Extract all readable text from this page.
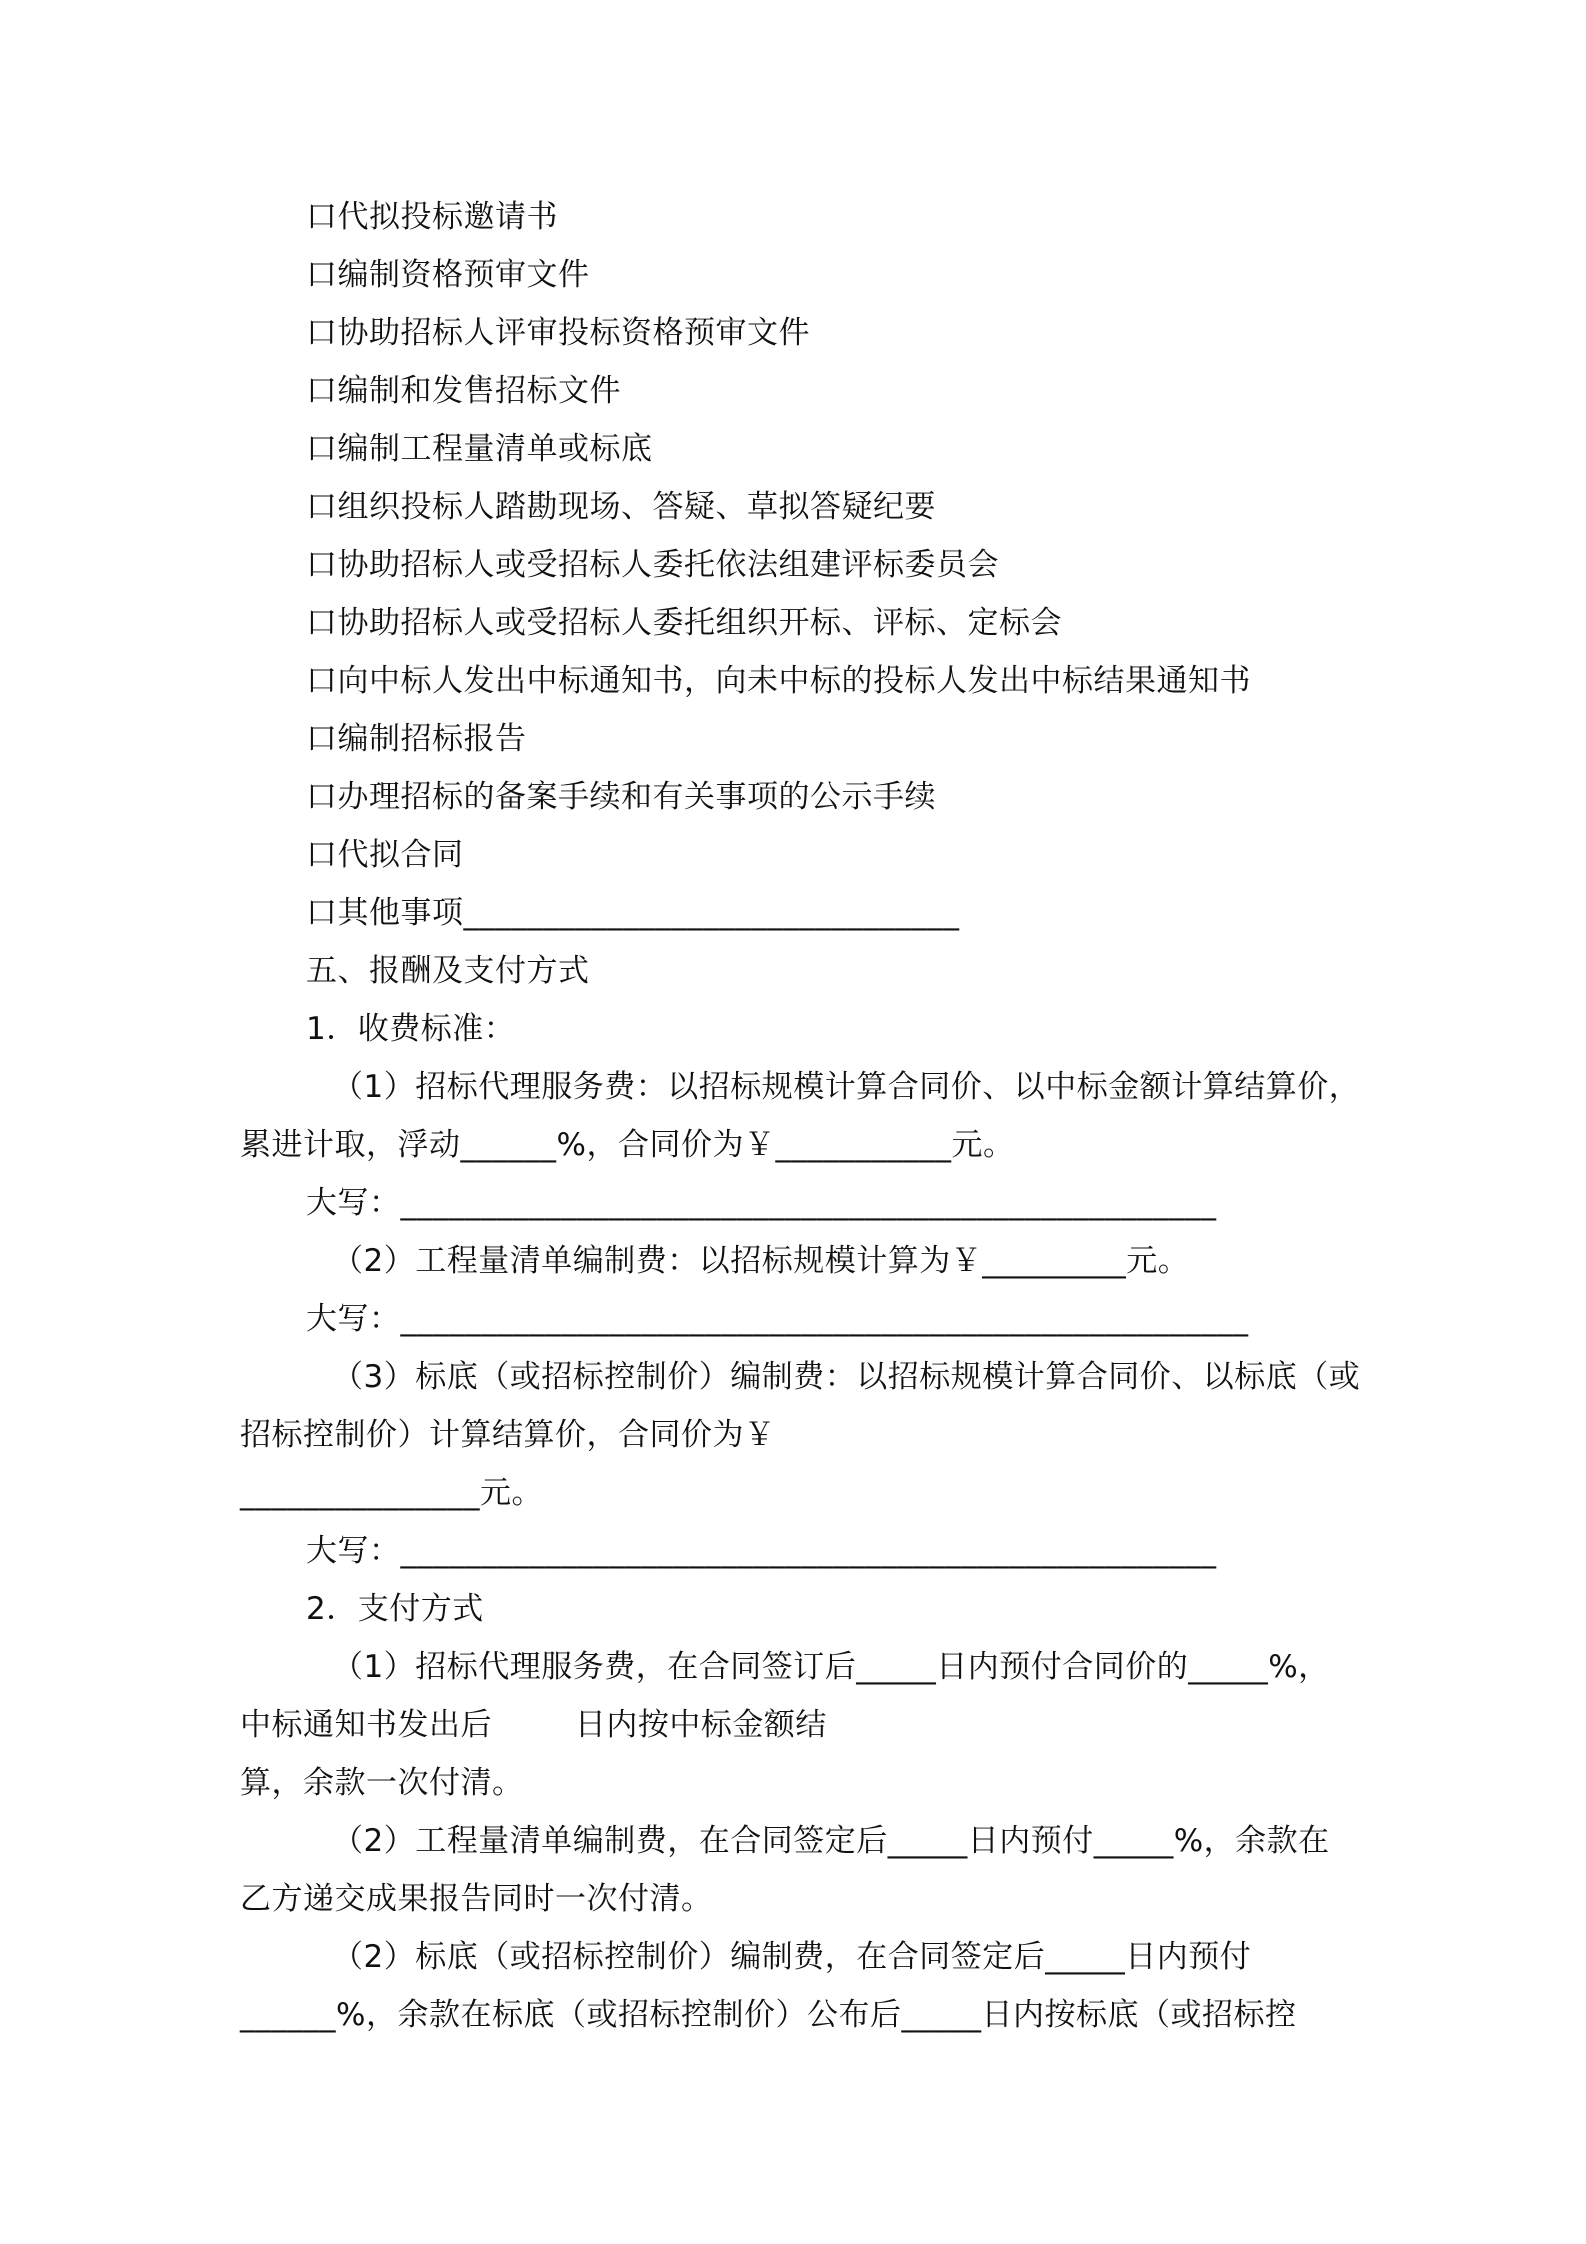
口代拟投标邀请书
口编制资格预审文件
口协助招标人评审投标资格预审文件
口编制和发售招标文件
口编制工程量清单或标底
口组织投标人踏勘现场、答疑、草拟答疑纪要
口协助招标人或受招标人委托依法组建评标委员会
口协助招标人或受招标人委托组织开标、评标、定标会
口向中标人发出中标通知书，向未中标的投标人发出中标结果通知书
口编制招标报告
口办理招标的备案手续和有关事项的公示手续
口代拟合同
口其他事项_______________________________
五、报酬及支付方式
1．收费标准：
（1）招标代理服务费：以招标规模计算合同价、以中标金额计算结算价，
累进计取，浮动______%，合同价为￥___________元。
大写：___________________________________________________
（2）工程量清单编制费：以招标规模计算为￥_________元。
大写：_____________________________________________________
（3）标底（或招标控制价）编制费：以招标规模计算合同价、以标底（或
招标控制价）计算结算价，合同价为￥
_______________元。
大写：___________________________________________________
2．支付方式
（1）招标代理服务费，在合同签订后_____日内预付合同价的_____%，
中标通知书发出后        日内按中标金额结
算，余款一次付清。
（2）工程量清单编制费，在合同签定后_____日内预付_____%，余款在
乙方递交成果报告同时一次付清。
（2）标底（或招标控制价）编制费，在合同签定后_____日内预付
______%，余款在标底（或招标控制价）公布后_____日内按标底（或招标控
